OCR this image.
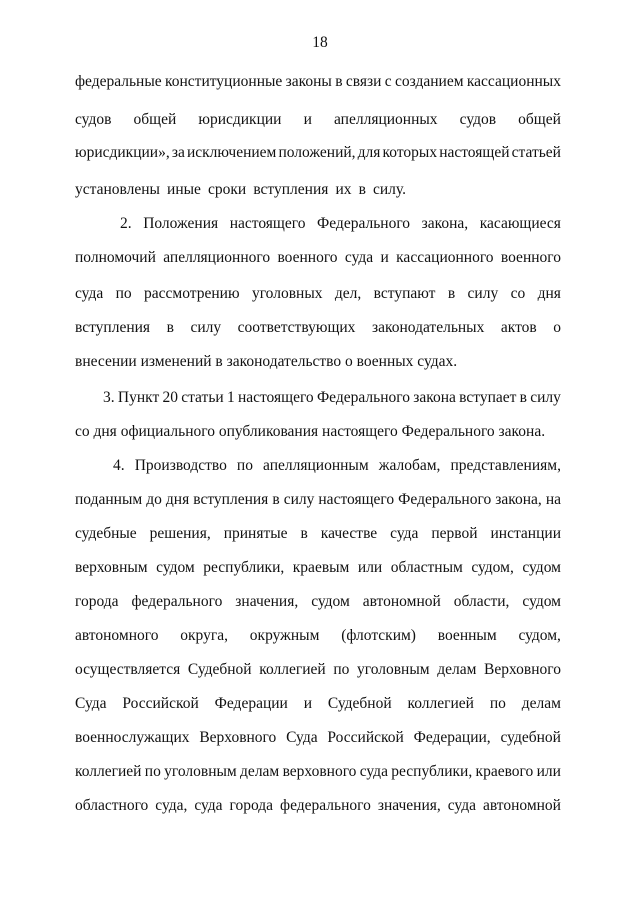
18
федеральные конституционные законы в связи с созданием кассационных
судов общей юрисдикции и апелляционных судов общей
юрисдикции», за исключением положений, для которых настоящей статьей
установлены иные сроки вступления их в силу.
2. Положения настоящего Федерального закона, касающиеся
полномочий апелляционного военного суда и кассационного военного
суда по рассмотрению уголовных дел, вступают в силу со дня
вступления в силу соответствующих законодательных актов о
внесении изменений в законодательство о военных судах.
3. Пункт 20 статьи 1 настоящего Федерального закона вступает в силу
со дня официального опубликования настоящего Федерального закона.
4. Производство по апелляционным жалобам, представлениям,
поданным до дня вступления в силу настоящего Федерального закона, на
судебные решения, принятые в качестве суда первой инстанции
верховным судом республики, краевым или областным судом, судом
города федерального значения, судом автономной области, судом
автономного округа, окружным (флотским) военным судом,
осуществляется Судебной коллегией по уголовным делам Верховного
Суда Российской Федерации и Судебной коллегией по делам
военнослужащих Верховного Суда Российской Федерации, судебной
коллегией по уголовным делам верховного суда республики, краевого или
областного суда, суда города федерального значения, суда автономной
